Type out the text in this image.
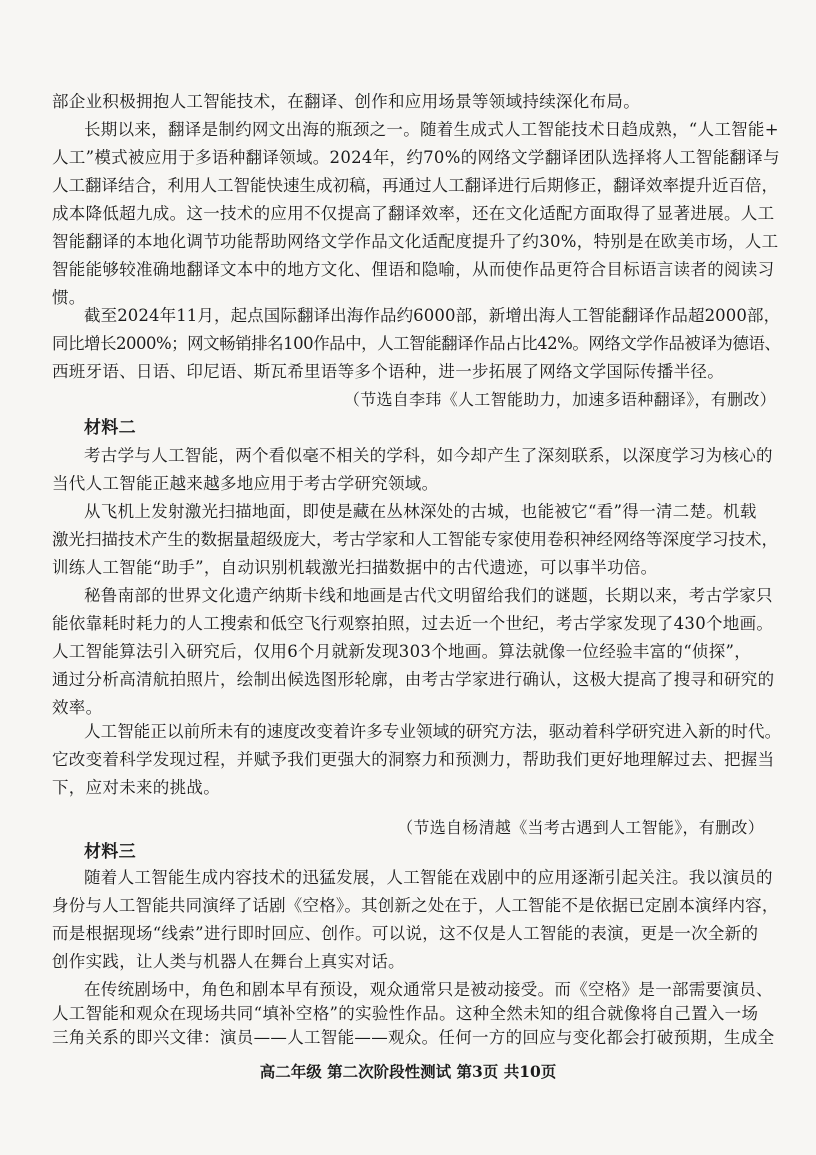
部企业积极拥抱人工智能技术，在翻译、创作和应用场景等领域持续深化布局。
长期以来，翻译是制约网文出海的瓶颈之一。随着生成式人工智能技术日趋成熟，“人工智能+
人工”模式被应用于多语种翻译领域。2024年，约70%的网络文学翻译团队选择将人工智能翻译与
人工翻译结合，利用人工智能快速生成初稿，再通过人工翻译进行后期修正，翻译效率提升近百倍，
成本降低超九成。这一技术的应用不仅提高了翻译效率，还在文化适配方面取得了显著进展。人工
智能翻译的本地化调节功能帮助网络文学作品文化适配度提升了约30%，特别是在欧美市场，人工
智能能够较准确地翻译文本中的地方文化、俚语和隐喻，从而使作品更符合目标语言读者的阅读习
惯。
截至2024年11月，起点国际翻译出海作品约6000部，新增出海人工智能翻译作品超2000部，
同比增长2000%；网文畅销排名100作品中，人工智能翻译作品占比42%。网络文学作品被译为德语、
西班牙语、日语、印尼语、斯瓦希里语等多个语种，进一步拓展了网络文学国际传播半径。
（节选自李玮《人工智能助力，加速多语种翻译》，有删改）
材料二
考古学与人工智能，两个看似毫不相关的学科，如今却产生了深刻联系，以深度学习为核心的
当代人工智能正越来越多地应用于考古学研究领域。
从飞机上发射激光扫描地面，即使是藏在丛林深处的古城，也能被它“看”得一清二楚。机载
激光扫描技术产生的数据量超级庞大，考古学家和人工智能专家使用卷积神经网络等深度学习技术，
训练人工智能“助手”，自动识别机载激光扫描数据中的古代遗迹，可以事半功倍。
秘鲁南部的世界文化遗产纳斯卡线和地画是古代文明留给我们的谜题，长期以来，考古学家只
能依靠耗时耗力的人工搜索和低空飞行观察拍照，过去近一个世纪，考古学家发现了430个地画。
人工智能算法引入研究后，仅用6个月就新发现303个地画。算法就像一位经验丰富的“侦探”，
通过分析高清航拍照片，绘制出候选图形轮廓，由考古学家进行确认，这极大提高了搜寻和研究的
效率。
人工智能正以前所未有的速度改变着许多专业领域的研究方法，驱动着科学研究进入新的时代。
它改变着科学发现过程，并赋予我们更强大的洞察力和预测力，帮助我们更好地理解过去、把握当
下，应对未来的挑战。
（节选自杨清越《当考古遇到人工智能》，有删改）
材料三
随着人工智能生成内容技术的迅猛发展，人工智能在戏剧中的应用逐渐引起关注。我以演员的
身份与人工智能共同演绎了话剧《空格》。其创新之处在于，人工智能不是依据已定剧本演绎内容，
而是根据现场“线索”进行即时回应、创作。可以说，这不仅是人工智能的表演，更是一次全新的
创作实践，让人类与机器人在舞台上真实对话。
在传统剧场中，角色和剧本早有预设，观众通常只是被动接受。而《空格》是一部需要演员、
人工智能和观众在现场共同“填补空格”的实验性作品。这种全然未知的组合就像将自己置入一场
三角关系的即兴文律：演员——人工智能——观众。任何一方的回应与变化都会打破预期，生成全
高二年级 第二次阶段性测试 第3页 共10页
